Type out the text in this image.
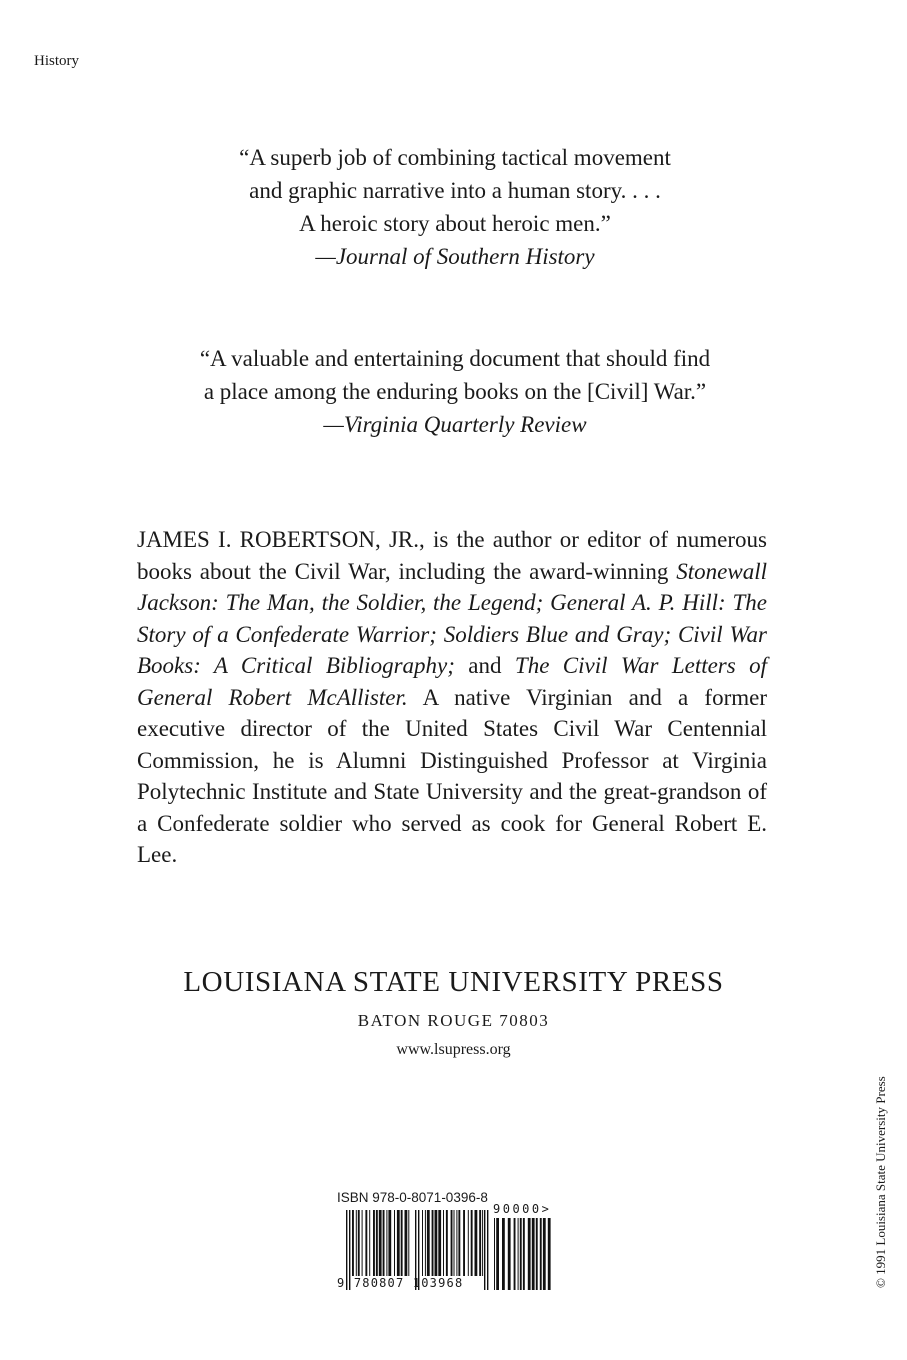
History
“A superb job of combining tactical movement
and graphic narrative into a human story. . . .
A heroic story about heroic men.”
—Journal of Southern History
“A valuable and entertaining document that should find
a place among the enduring books on the [Civil] War.”
—Virginia Quarterly Review
JAMES I. ROBERTSON, JR., is the author or editor of numerous books about the Civil War, including the award-winning Stonewall Jackson: The Man, the Soldier, the Legend; General A. P. Hill: The Story of a Confederate Warrior; Soldiers Blue and Gray; Civil War Books: A Critical Bibliography; and The Civil War Letters of General Robert McAllister. A native Virginian and a former executive director of the United States Civil War Centennial Commission, he is Alumni Distinguished Professor at Virginia Polytechnic Institute and State University and the great-grandson of a Confederate soldier who served as cook for General Robert E. Lee.
LOUISIANA STATE UNIVERSITY PRESS
BATON ROUGE 70803
www.lsupress.org
ISBN 978-0-8071-0396-8
9 780807 103968
90000>	© 1991 Louisiana State University Press
